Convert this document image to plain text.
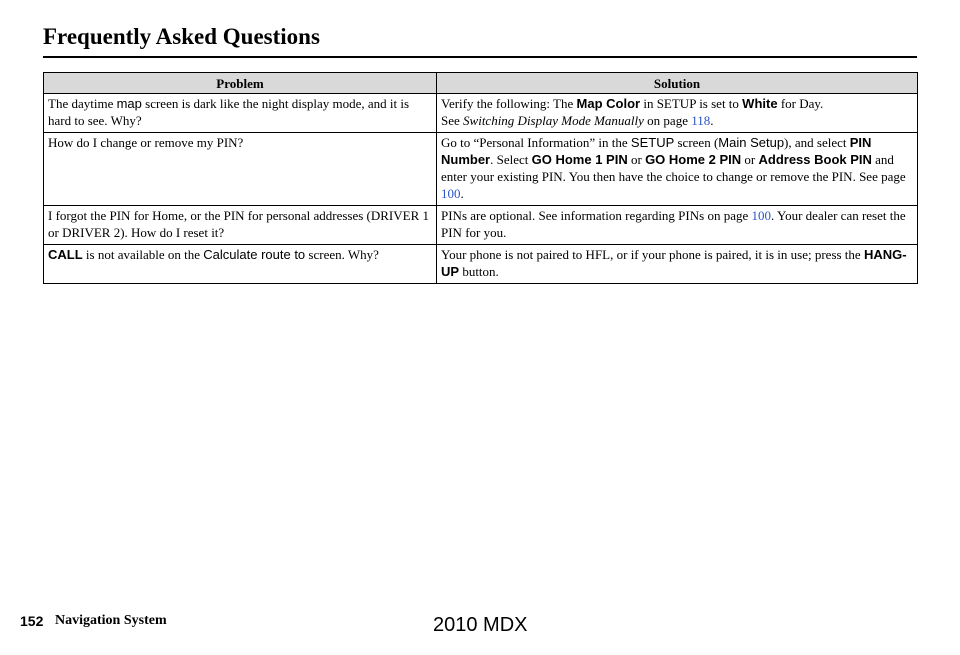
Frequently Asked Questions
Problem	Solution
The daytime map screen is dark like the night display mode, and it is hard to see. Why?	Verify the following: The Map Color in SETUP is set to White for Day.
See Switching Display Mode Manually on page 118.
How do I change or remove my PIN?	Go to “Personal Information” in the SETUP screen (Main Setup), and select PIN Number. Select GO Home 1 PIN or GO Home 2 PIN or Address Book PIN and enter your existing PIN. You then have the choice to change or remove the PIN. See page 100.
I forgot the PIN for Home, or the PIN for personal addresses (DRIVER 1 or DRIVER 2). How do I reset it?	PINs are optional. See information regarding PINs on page 100. Your dealer can reset the PIN for you.
CALL is not available on the Calculate route to screen. Why?	Your phone is not paired to HFL, or if your phone is paired, it is in use; press the HANG-UP button.
152 Navigation System	2010 MDX
